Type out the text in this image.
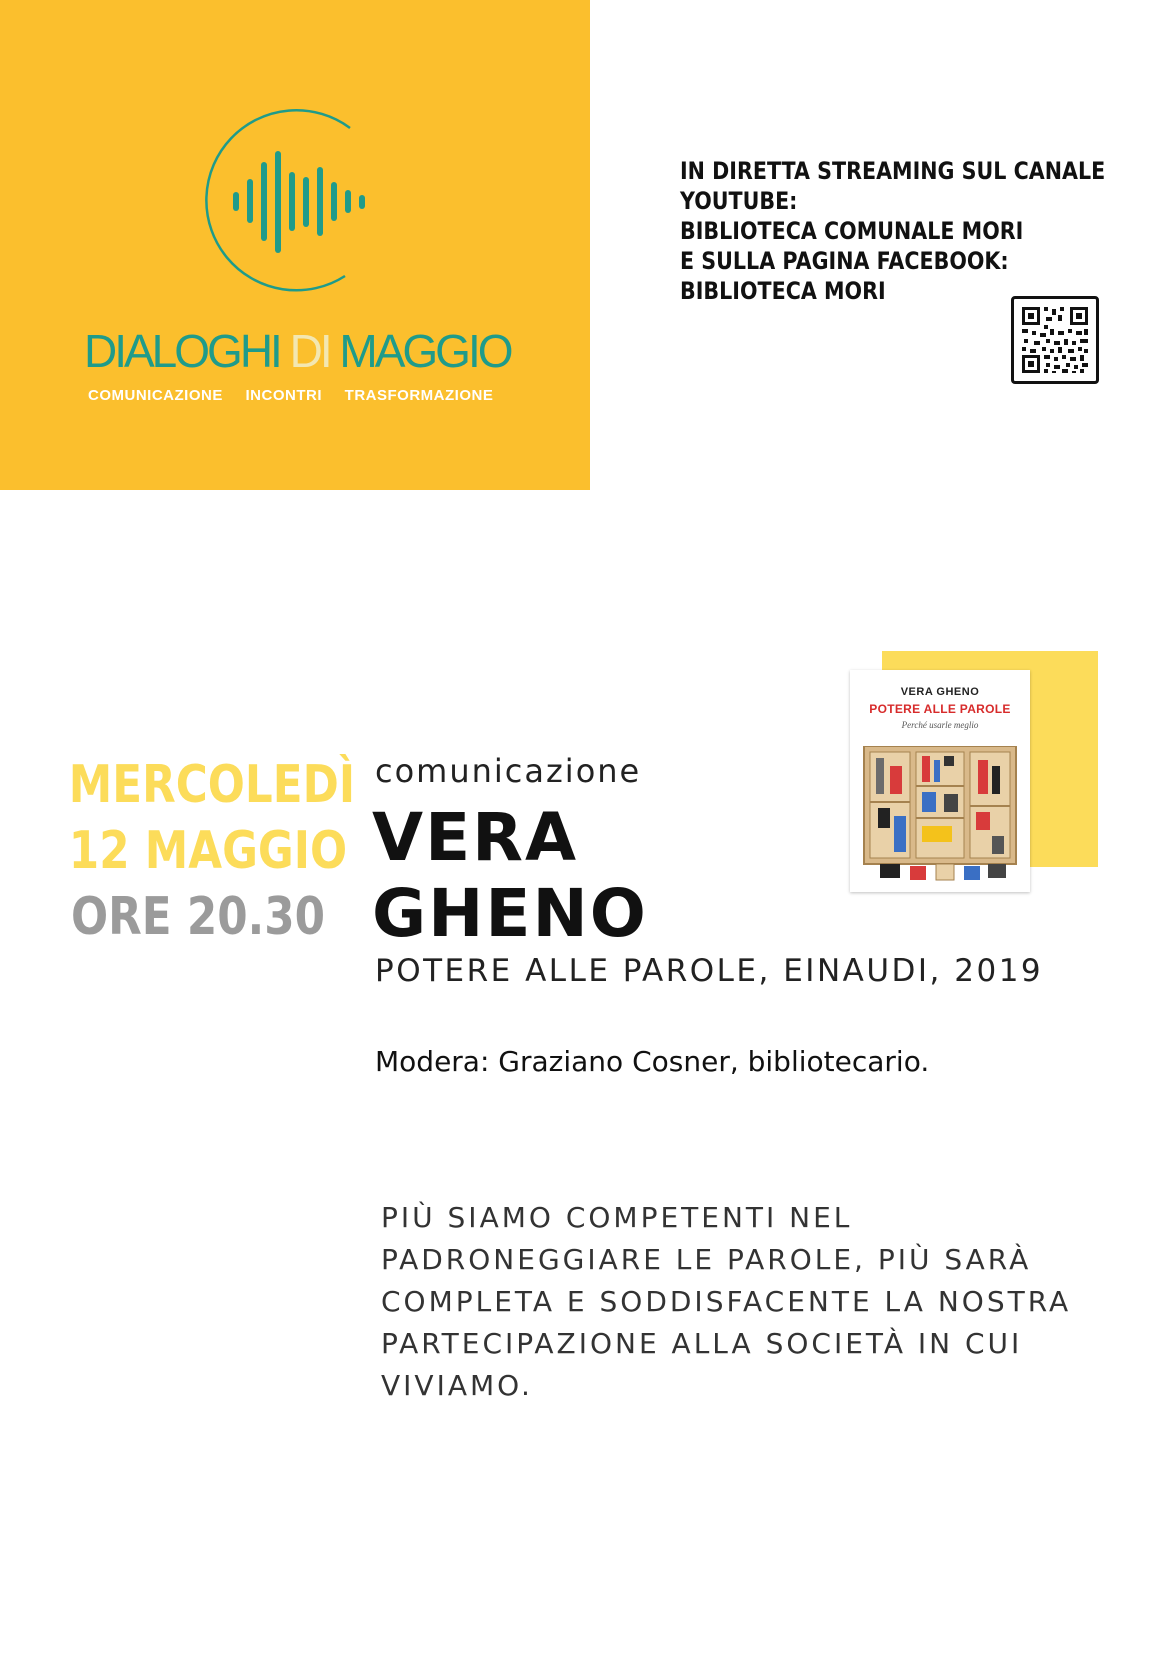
DIALOGHI DI MAGGIO
COMUNICAZIONE INCONTRI TRASFORMAZIONE
IN DIRETTA STREAMING SUL CANALE
YOUTUBE:
BIBLIOTECA COMUNALE MORI
E SULLA PAGINA FACEBOOK:
BIBLIOTECA MORI
VERA GHENO
POTERE ALLE PAROLE
Perché usarle meglio
MERCOLEDÌ
12 MAGGIO
ORE 20.30
comunicazione
VERA
GHENO
POTERE ALLE PAROLE, EINAUDI, 2019
Modera: Graziano Cosner, bibliotecario.
PIÙ SIAMO COMPETENTI NEL
PADRONEGGIARE LE PAROLE, PIÙ SARÀ
COMPLETA E SODDISFACENTE LA NOSTRA
PARTECIPAZIONE ALLA SOCIETÀ IN CUI
VIVIAMO.
